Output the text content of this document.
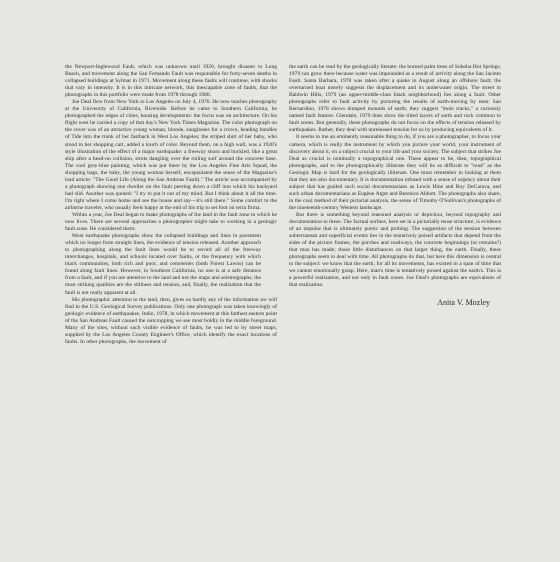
the Newport-Inglewood Fault, which was unknown until 1920, brought disaster to Long Beach, and movement along the San Fernando Fault was responsible for forty-seven deaths in collapsed buildings at Sylmar in 1971. Movement along these faults will continue, with shocks that vary in intensity. It is in this intricate network, this inescapable zone of faults, that the photographs in this portfolio were made from 1978 through 1980.

Joe Deal flew from New York to Los Angeles on July 4, 1976. He now teaches photography at the University of California, Riverside. Before he came to Southern California, he photographed the edges of cities, housing developments: the focus was on architecture. On his flight west he carried a copy of that day's New York Times Magazine. The color photograph on the cover was of an attractive young woman, blonde, sunglasses for a crown, heading bundles of Tide into the trunk of her fastback in West Los Angeles; the striped shirt of her baby, who stood in her shopping cart, added a touch of color. Beyond them, on a high wall, was a 1920's style illustration of the effect of a major earthquake: a freeway shorn and buckled, like a great ship after a head-on collision, struts dangling over the roiling surf around the concrete base. The cool grey-blue painting, which was put there by the Los Angeles Fine Arts Squad, the shopping bags, the baby, the young woman herself, encapsulated the sense of the Magazine's lead article: "The Good Life (Along the San Andreas Fault)." The article was accompanied by a photograph showing one dweller on the fault peering down a cliff into which his backyard had slid. Another was quoted: "I try to put it out of my mind. But I think about it all the time. I'm right where I come home and see the house and say—it's still there." Some comfort to the airborne traveler, who usually feels happy at the end of his trip to set foot on terra firma.

Within a year, Joe Deal began to make photographs of the land in the fault zone in which he now lives. There are several approaches a photographer might take to working in a geologic fault zone. He considered them:

Most earthquake photographs show the collapsed buildings and lines in pavement which no longer form straight lines, the evidence of tension released. Another approach to photographing along the fault lines would be to record all of the freeway interchanges, hospitals, and schools located over faults, or the frequency with which black communities, both rich and poor, and cemeteries (both Forest Lawns) can be found along fault lines. However, in Southern California, no one is at a safe distance from a fault, and if you are attentive to the land and not the maps and seismographs, the most striking qualities are the stillness and tension, and, finally, the realization that the fault is not really apparent at all.

His photographic attention to the land, then, gives us hardly any of the information we will find in the U.S. Geological Survey publications. Only one photograph was taken knowingly of geologic evidence of earthquakes. Indio, 1978, in which movement at this farthest eastern point of the San Andreas Fault caused the outcropping we see most boldly in the middle foreground. Many of the sites, without such visible evidence of faults, he was led to by street maps, supplied by the Los Angeles County Engineer's Office, which identify the exact locations of faults. In other photographs, the movement of

the earth can be read by the geologically literate: the burned palm trees of Soboba Hot Springs, 1979 can grow there because water was impounded as a result of activity along the San Jacinto Fault. Santa Barbara, 1978 was taken after a quake in August along an offshore fault; the overturned boat merely suggests the displacement and its underwater origin. The street in Baldwin Hills, 1979 (an upper-middle-class black neighborhood) lies along a fault. Other photographs refer to fault activity by picturing the results of earth-moving by men: San Bernardino, 1978 shows dumped mounds of earth; they suggest "mole tracks," a curiously named fault feature. Glendale, 1979 does show the tilted layers of earth and rock common to fault zones. But generally, these photographs do not focus on the effects of tension released by earthquakes. Rather, they deal with unreleased tension for us by producing equivalents of it.

It seems to me an eminently reasonable thing to do, if you are a photographer, to focus your camera, which is really the instrument by which you picture your world, your instrument of discovery about it, on a subject crucial to your life and your society. The subject that strikes Joe Deal as crucial is nominally a topographical one. These appear to be, then, topographical photographs, and to the photographically illiterate they will be as difficult to "read" as the Geologic Map is hard for the geologically illiterate. One must remember in looking at them that they are also documentary. It is documentation infused with a sense of urgency about their subject that has guided such social documentarians as Lewis Hine and Roy DeCarava, and such urban documentarians as Eugène Atget and Berenice Abbott. The photographs also share, in the cool method of their pictorial analysis, the sense of Timothy O'Sullivan's photographs of the nineteenth-century Western landscape.

But there is something beyond reasoned analysis or depiction, beyond topography and documentation to these. The factual surface, here set in a pictorially tense structure, is evidence of an impulse that is ultimately poetic and probing. The suggestion of the tension between subterranean and superficial events lies in the tentatively poised artifacts that depend from the sides of the picture frames, the porches and roadways, the concrete beginnings (or remains?) that man has made; those little disturbances on that larger thing, the earth. Finally, these photographs seem to deal with time. All photographs do that, but here this dimension is central to the subject: we know that the earth, for all its movements, has existed in a span of time that we cannot emotionally grasp. Here, man's time is tentatively poised against the earth's. This is a powerful realization, and not only in fault zones. Joe Deal's photographs are equivalents of that realization.

Anita V. Mozley
